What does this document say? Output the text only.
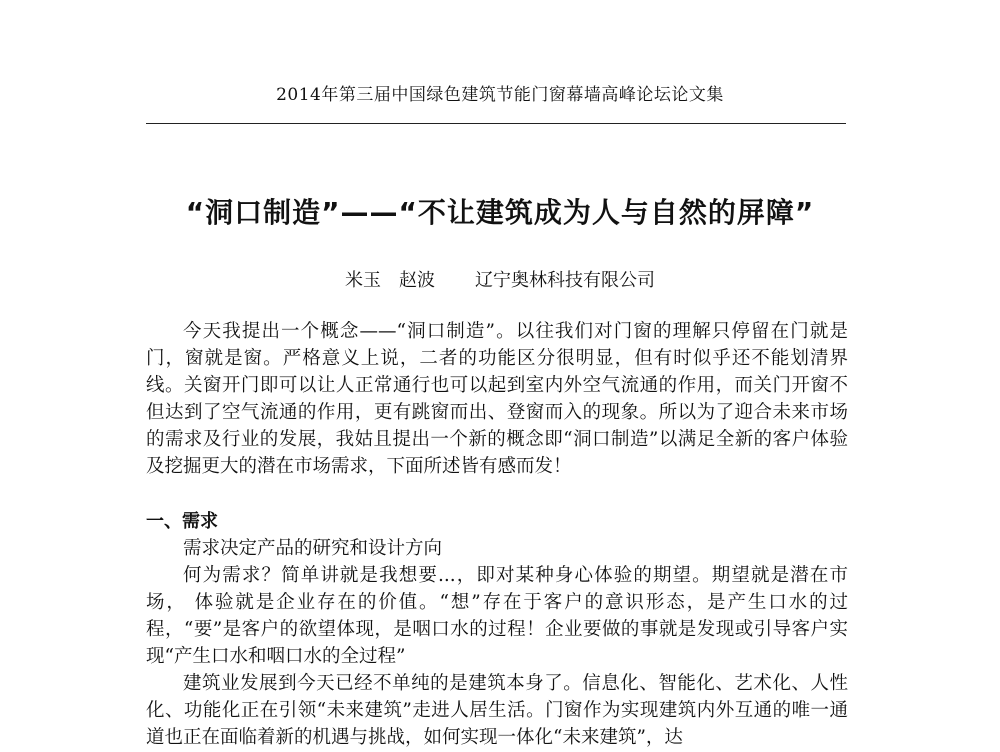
2014年第三届中国绿色建筑节能门窗幕墙高峰论坛论文集
“洞口制造”——“不让建筑成为人与自然的屏障”
米玉 赵波 辽宁奥林科技有限公司

今天我提出一个概念——“洞口制造”。以往我们对门窗的理解只停留在门就是门，窗就是窗。严格意义上说，二者的功能区分很明显，但有时似乎还不能划清界线。关窗开门即可以让人正常通行也可以起到室内外空气流通的作用，而关门开窗不但达到了空气流通的作用，更有跳窗而出、登窗而入的现象。所以为了迎合未来市场的需求及行业的发展，我姑且提出一个新的概念即“洞口制造”以满足全新的客户体验及挖掘更大的潜在市场需求，下面所述皆有感而发！

一、需求

需求决定产品的研究和设计方向

何为需求？简单讲就是我想要...，即对某种身心体验的期望。期望就是潜在市场， 体验就是企业存在的价值。“想”存在于客户的意识形态，是产生口水的过程，“要”是客户的欲望体现，是咽口水的过程！企业要做的事就是发现或引导客户实现“产生口水和咽口水的全过程”

建筑业发展到今天已经不单纯的是建筑本身了。信息化、智能化、艺术化、人性化、功能化正在引领“未来建筑”走进人居生活。门窗作为实现建筑内外互通的唯一通道也正在面临着新的机遇与挑战，如何实现一体化“未来建筑”，达
